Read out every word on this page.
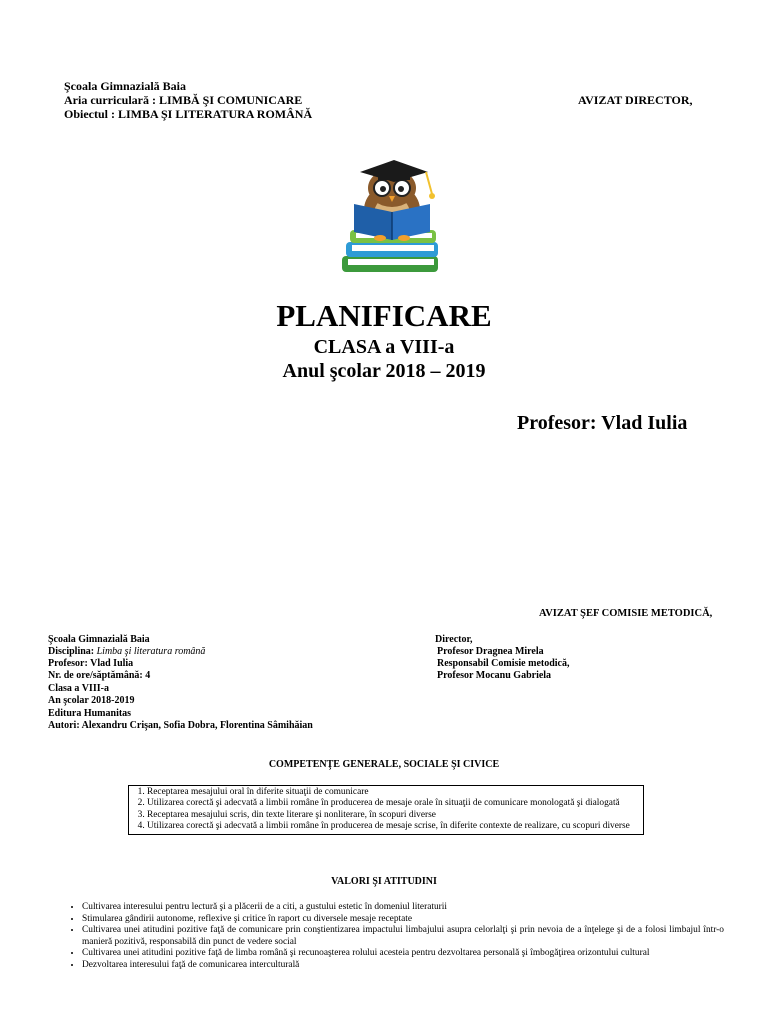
Şcoala Gimnazială Baia
Aria curriculară : LIMBĂ ŞI COMUNICARE
Obiectul : LIMBA ŞI LITERATURA ROMÂNĂ
AVIZAT DIRECTOR,
PLANIFICARE
CLASA a VIII-a
Anul şcolar 2018 – 2019
Profesor: Vlad Iulia
AVIZAT ŞEF COMISIE METODICĂ,
Şcoala Gimnazială Baia
Disciplina: Limba şi literatura română
Profesor: Vlad Iulia
Nr. de ore/săptămână: 4
Clasa a VIII-a
An şcolar 2018-2019
Editura Humanitas
Autori: Alexandru Crişan, Sofia Dobra, Florentina Sâmihăian
Director,
Profesor Dragnea Mirela
Responsabil Comisie metodică,
Profesor Mocanu Gabriela
COMPETENŢE GENERALE, SOCIALE ŞI CIVICE
1. Receptarea mesajului oral în diferite situaţii de comunicare
2. Utilizarea corectă şi adecvată a limbii române în producerea de mesaje orale în situaţii de comunicare monologată şi dialogată
3. Receptarea mesajului scris, din texte literare şi nonliterare, în scopuri diverse
4. Utilizarea corectă şi adecvată a limbii române în producerea de mesaje scrise, în diferite contexte de realizare, cu scopuri diverse
VALORI ŞI ATITUDINI
• Cultivarea interesului pentru lectură şi a plăcerii de a citi, a gustului estetic în domeniul literaturii
• Stimularea gândirii autonome, reflexive şi critice în raport cu diversele mesaje receptate
• Cultivarea unei atitudini pozitive faţă de comunicare prin conştientizarea impactului limbajului asupra celorlalţi şi prin nevoia de a înţelege şi de a folosi limbajul într-o manieră pozitivă, responsabilă din punct de vedere social
• Cultivarea unei atitudini pozitive faţă de limba română şi recunoaşterea rolului acesteia pentru dezvoltarea personală şi îmbogăţirea orizontului cultural
• Dezvoltarea interesului faţă de comunicarea interculturală
